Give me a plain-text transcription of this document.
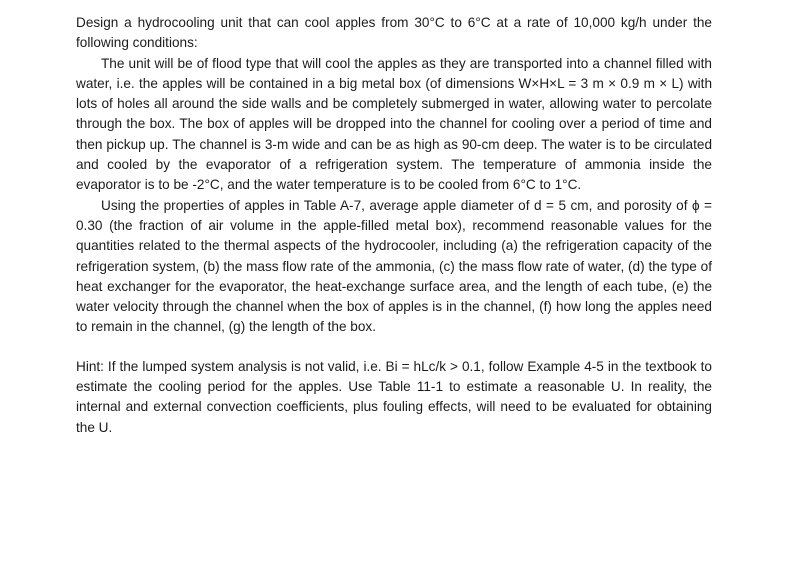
Design a hydrocooling unit that can cool apples from 30°C to 6°C at a rate of 10,000 kg/h under the following conditions:

The unit will be of flood type that will cool the apples as they are transported into a channel filled with water, i.e. the apples will be contained in a big metal box (of dimensions W×H×L = 3 m × 0.9 m × L) with lots of holes all around the side walls and be completely submerged in water, allowing water to percolate through the box. The box of apples will be dropped into the channel for cooling over a period of time and then pickup up. The channel is 3-m wide and can be as high as 90-cm deep. The water is to be circulated and cooled by the evaporator of a refrigeration system. The temperature of ammonia inside the evaporator is to be -2°C, and the water temperature is to be cooled from 6°C to 1°C.

Using the properties of apples in Table A-7, average apple diameter of d = 5 cm, and porosity of ϕ = 0.30 (the fraction of air volume in the apple-filled metal box), recommend reasonable values for the quantities related to the thermal aspects of the hydrocooler, including (a) the refrigeration capacity of the refrigeration system, (b) the mass flow rate of the ammonia, (c) the mass flow rate of water, (d) the type of heat exchanger for the evaporator, the heat-exchange surface area, and the length of each tube, (e) the water velocity through the channel when the box of apples is in the channel, (f) how long the apples need to remain in the channel, (g) the length of the box.

Hint: If the lumped system analysis is not valid, i.e. Bi = hLc/k > 0.1, follow Example 4-5 in the textbook to estimate the cooling period for the apples. Use Table 11-1 to estimate a reasonable U. In reality, the internal and external convection coefficients, plus fouling effects, will need to be evaluated for obtaining the U.
